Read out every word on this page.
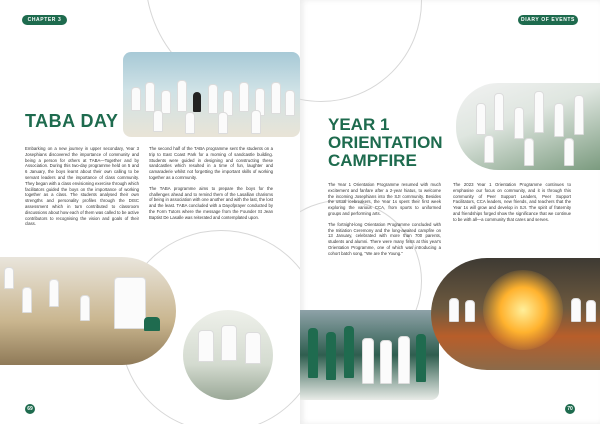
CHAPTER 3
TABA DAY

Embarking on a new journey in upper secondary, Year 3 Josephians discovered the importance of community and being a person for others at TABA—Together and by Association. During this two-day programme held on 5 and 6 January, the boys learnt about their own calling to be servant leaders and the importance of class community. They began with a class envisioning exercise through which facilitators guided the boys on the importance of working together as a class. The students analysed their own strengths and personality profiles through the DISC assessment which in turn contributed to classroom discussions about how each of them was called to be active contributors to recognising the vision and goals of their class.

The second half of the TABA programme sent the students on a trip to East Coast Park for a morning of sandcastle building. Students were guided in designing and constructing these sandcastles which resulted in a time of fun, laughter and camaraderie whilst not forgetting the important skills of working together as a community.

The TABA programme aims to prepare the boys for the challenges ahead and to remind them of the Lasallian charisms of being in association with one another and with the last, the lost and the least. TABA concluded with a Dayofprayer conducted by the Form Tutors where the message from the Founder St Jean Baptist De Lasalle was reiterated and contemplated upon.

69
DIARY OF EVENTS
YEAR 1 ORIENTATION CAMPFIRE

The Year 1 Orientation Programme resumed with much excitement and fanfare after a 2-year hiatus, to welcome the incoming Josephians into the SJI community. Besides the usual icebreakers, the Year 1s spent their first week exploring the various CCA, from sports to uniformed groups and performing arts.

The fortnight-long Orientation Programme concluded with the Initiation Ceremony and the long-awaited campfire on 13 January, celebrated with more than 700 parents, students and alumni. There were many firsts at this year's Orientation Programme, one of which was introducing a cohort batch song, "We are the Young."

The 2023 Year 1 Orientation Programme continues to emphasise our focus on community, and it is through this community of Peer Support Leaders, Peer Support Facilitators, CCA leaders, new friends, and teachers that the Year 1s will grow and develop in SJI. The spirit of fraternity and friendships forged show the significance that we continue to be with all—a community that cares and serves.

70
